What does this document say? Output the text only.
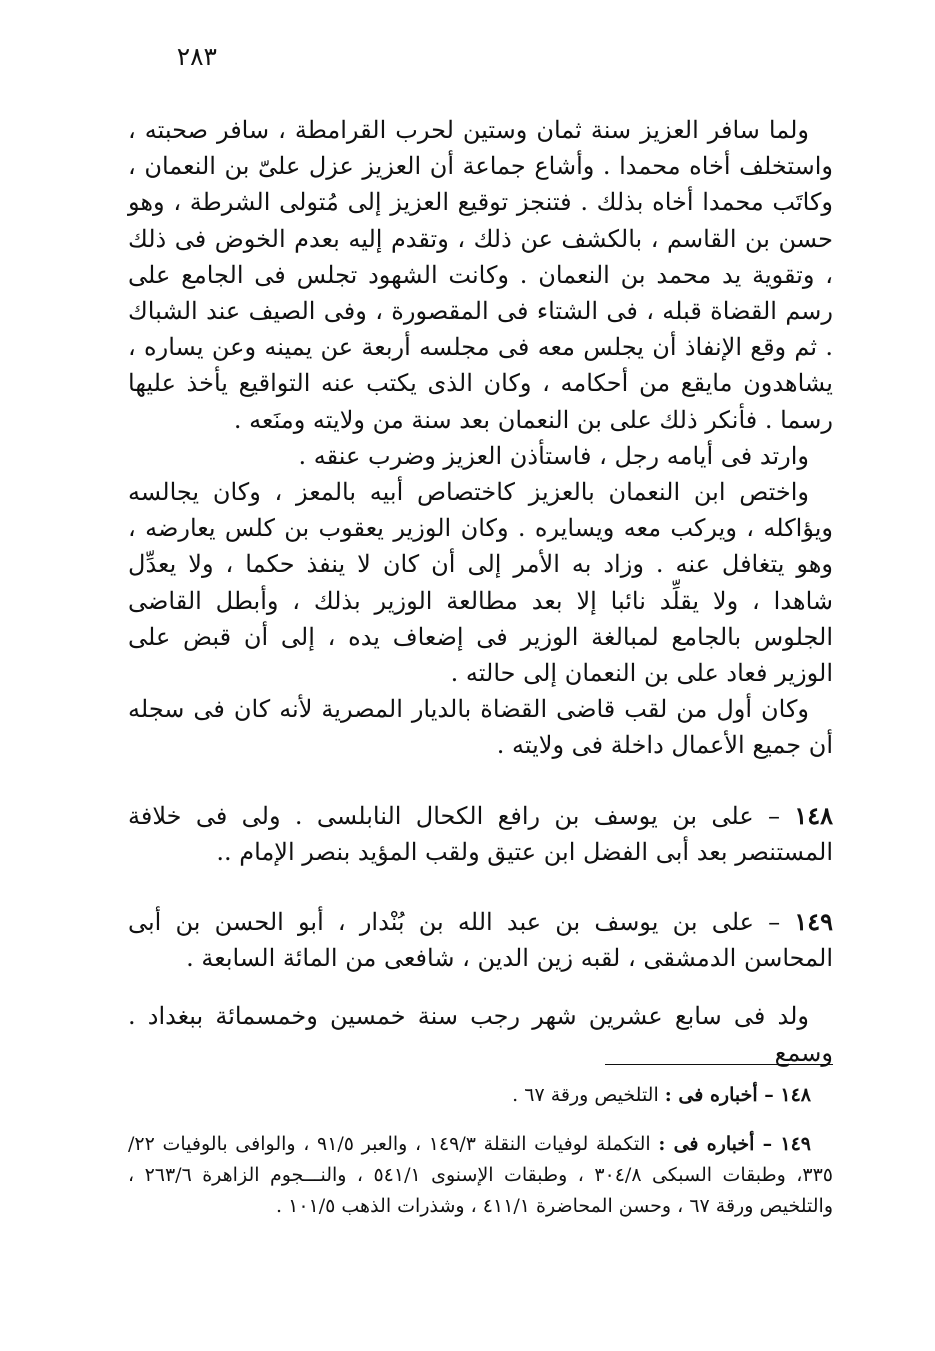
٢٨٣

ولما سافر العزيز سنة ثمان وستين لحرب القرامطة ، سافر صحبته ، واستخلف أخاه محمدا . وأشاع جماعة أن العزيز عزل علىّ بن النعمان ، وكاتَب محمدا أخاه بذلك . فتنجز توقيع العزيز إلى مُتولى الشرطة ، وهو حسن بن القاسم ، بالكشف عن ذلك ، وتقدم إليه بعدم الخوض فى ذلك ، وتقوية يد محمد بن النعمان . وكانت الشهود تجلس فى الجامع على رسم القضاة قبله ، فى الشتاء فى المقصورة ، وفى الصيف عند الشباك . ثم وقع الإنفاذ أن يجلس معه فى مجلسه أربعة عن يمينه وعن يساره ، يشاهدون مايقع من أحكامه ، وكان الذى يكتب عنه التواقيع يأخذ عليها رسما . فأنكر ذلك على بن النعمان بعد سنة من ولايته ومنَعه .

وارتد فى أيامه رجل ، فاستأذن العزيز وضرب عنقه .

واختص ابن النعمان بالعزيز كاختصاص أبيه بالمعز ، وكان يجالسه ويؤاكله ، ويركب معه ويسايره . وكان الوزير يعقوب بن كلس يعارضه ، وهو يتغافل عنه . وزاد به الأمر إلى أن كان لا ينفذ حكما ، ولا يعدِّل شاهدا ، ولا يقلِّد نائبا إلا بعد مطالعة الوزير بذلك ، وأبطل القاضى الجلوس بالجامع لمبالغة الوزير فى إضعاف يده ، إلى أن قبض على الوزير فعاد على بن النعمان إلى حالته .

وكان أول من لقب قاضى القضاة بالديار المصرية لأنه كان فى سجله أن جميع الأعمال داخلة فى ولايته .

١٤٨ – على بن يوسف بن رافع الكحال النابلسى . ولى فى خلافة المستنصر بعد أبى الفضل ابن عتيق ولقب المؤيد بنصر الإمام ..

١٤٩ – على بن يوسف بن عبد الله بن بُنْدار ، أبو الحسن بن أبى المحاسن الدمشقى ، لقبه زين الدين ، شافعى من المائة السابعة .

ولد فى سابع عشرين شهر رجب سنة خمسين وخمسمائة ببغداد . وسمع

١٤٨ – أخباره فى : التلخيص ورقة ٦٧ .

١٤٩ – أخباره فى : التكملة لوفيات النقلة ١٤٩/٣ ، والعبر ٩١/٥ ، والوافى بالوفيات ٢٢/ ٣٣٥، وطبقات السبكى ٣٠٤/٨ ، وطبقات الإسنوى ٥٤١/١ ، والنـــجوم الزاهرة ٢٦٣/٦ ، والتلخيص ورقة ٦٧ ، وحسن المحاضرة ٤١١/١ ، وشذرات الذهب ١٠١/٥ .
